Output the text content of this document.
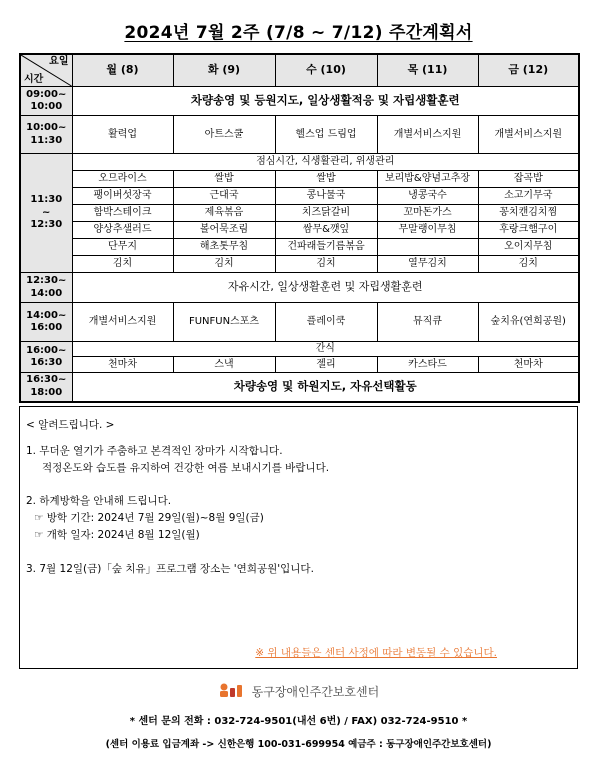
2024년 7월 2주 (7/8 ~ 7/12) 주간계획서
요일
시간	월 (8)	화 (9)	수 (10)	목 (11)	금 (12)
09:00~
10:00	차량송영 및 등원지도, 일상생활적응 및 자립생활훈련				
10:00~
11:30	활력업	아트스쿨	헬스업 드림업	개별서비스지원	개별서비스지원
11:30
~
12:30	점심시간, 식생활관리, 위생관리				
	오므라이스	쌀밥	쌀밥	보리밥&양념고추장	잡곡밥
	팽이버섯장국	근대국	콩나물국	냉콩국수	소고기무국
	함박스테이크	제육볶음	치즈닭갈비	꼬마돈가스	꽁치캔김치찜
	양상추샐러드	볼어묵조림	쌈무&깻잎	무말랭이무침	후랑크햄구이
	단무지	해초톳무침	건파래들기름볶음		오이지무침
	김치	김치	김치	열무김치	김치
12:30~
14:00	자유시간, 일상생활훈련 및 자립생활훈련				
14:00~
16:00	개별서비스지원	FUNFUN스포츠	플레이쿡	뮤직큐	숲치유(연희공원)
16:00~
16:30	간식				
	천마차	스낵	젤리	카스타드	천마차
16:30~
18:00	차량송영 및 하원지도, 자유선택활동				

< 알려드립니다. >

1. 무더운 열기가 주춤하고 본격적인 장마가 시작합니다.

적정온도와 습도를 유지하여 건강한 여름 보내시기를 바랍니다.

2. 하계방학을 안내해 드립니다.

☞ 방학 기간: 2024년 7월 29일(월)~8월 9일(금)

☞ 개학 일자: 2024년 8월 12일(월)

3. 7월 12일(금)「숲 치유」프로그램 장소는 '연희공원'입니다.

※ 위 내용들은 센터 사정에 따라 변동될 수 있습니다.
동구장애인주간보호센터
* 센터 문의 전화 : 032-724-9501(내선 6번) / FAX) 032-724-9510 *
(센터 이용료 입금계좌 -> 신한은행 100-031-699954 예금주 : 동구장애인주간보호센터)
